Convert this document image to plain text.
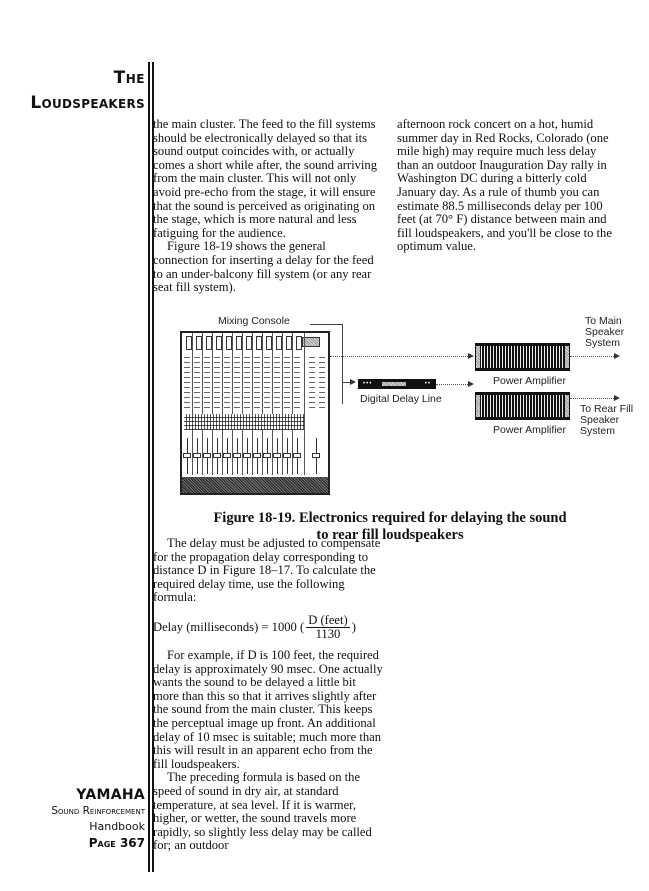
The
Loudspeakers

the main cluster. The feed to the fill systems should be electronically delayed so that its sound output coincides with, or actually comes a short while after, the sound arriving from the main cluster. This will not only avoid pre-echo from the stage, it will ensure that the sound is perceived as originating on the stage, which is more natural and less fatiguing for the audience.

Figure 18-19 shows the general connection for inserting a delay for the feed to an under-balcony fill system (or any rear seat fill system).

afternoon rock concert on a hot, humid summer day in Red Rocks, Colorado (one mile high) may require much less delay than an outdoor Inauguration Day rally in Washington DC during a bitterly cold January day. As a rule of thumb you can estimate 88.5 milliseconds delay per 100 feet (at 70° F) distance between main and fill loudspeakers, and you'll be close to the optimum value.

Mixing Console
•••	••
Digital Delay Line
Power Amplifier
Power Amplifier
To Main Speaker System
To Rear Fill Speaker System
Figure 18-19. Electronics required for delaying the sound
to rear fill loudspeakers

The delay must be adjusted to compensate for the propagation delay corresponding to distance D in Figure 18–17. To calculate the required delay time, use the following formula:

Delay (milliseconds) = 1000 ( $\frac{\text{D (feet)}}{1130}$ )

For example, if D is 100 feet, the required delay is approximately 90 msec. One actually wants the sound to be delayed a little bit more than this so that it arrives slightly after the sound from the main cluster. This keeps the perceptual image up front. An additional delay of 10 msec is suitable; much more than this will result in an apparent echo from the fill loudspeakers.

The preceding formula is based on the speed of sound in dry air, at standard temperature, at sea level. If it is warmer, higher, or wetter, the sound travels more rapidly, so slightly less delay may be called for; an outdoor

YAMAHA
Sound Reinforcement
Handbook
Page 367
